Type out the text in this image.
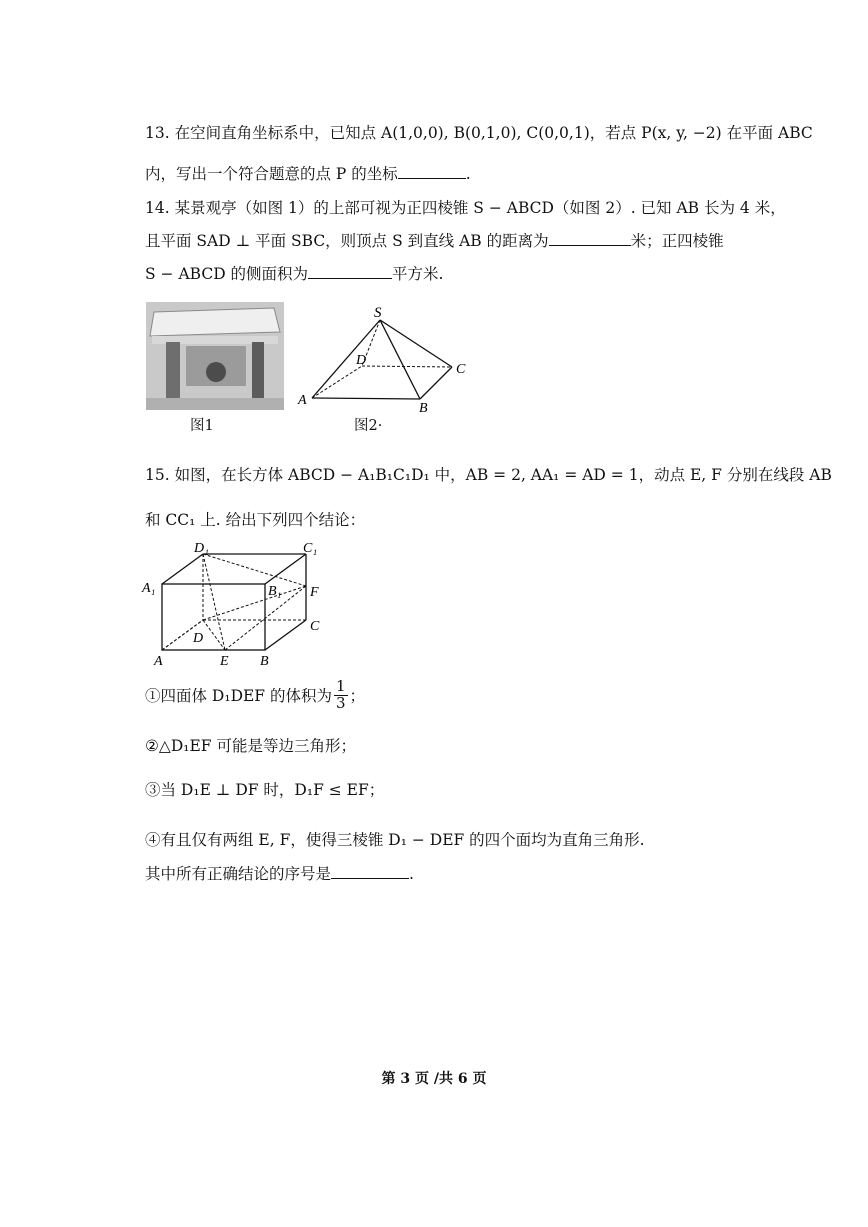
13. 在空间直角坐标系中，已知点 A(1,0,0), B(0,1,0), C(0,0,1)，若点 P(x, y, −2) 在平面 ABC
内，写出一个符合题意的点 P 的坐标	.
14. 某景观亭（如图 1）的上部可视为正四棱锥 S − ABCD（如图 2）. 已知 AB 长为 4 米，
且平面 SAD ⊥ 平面 SBC，则顶点 S 到直线 AB 的距离为	米；正四棱锥
S − ABCD 的侧面积为	平方米.
图1
S
D
C
A
B
图2·
15. 如图，在长方体 ABCD − A₁B₁C₁D₁ 中，AB = 2, AA₁ = AD = 1，动点 E, F 分别在线段 AB
和 CC₁ 上. 给出下列四个结论：
D₁	C₁
A₁	B₁ F
D
C
A	E B
①四面体 D₁DEF 的体积为 $\frac{1}{3}$ ；
②△D₁EF 可能是等边三角形；
③当 D₁E ⊥ DF 时，D₁F ≤ EF；
④有且仅有两组 E, F，使得三棱锥 D₁ − DEF 的四个面均为直角三角形.
其中所有正确结论的序号是	.
第 3 页 /共 6 页
